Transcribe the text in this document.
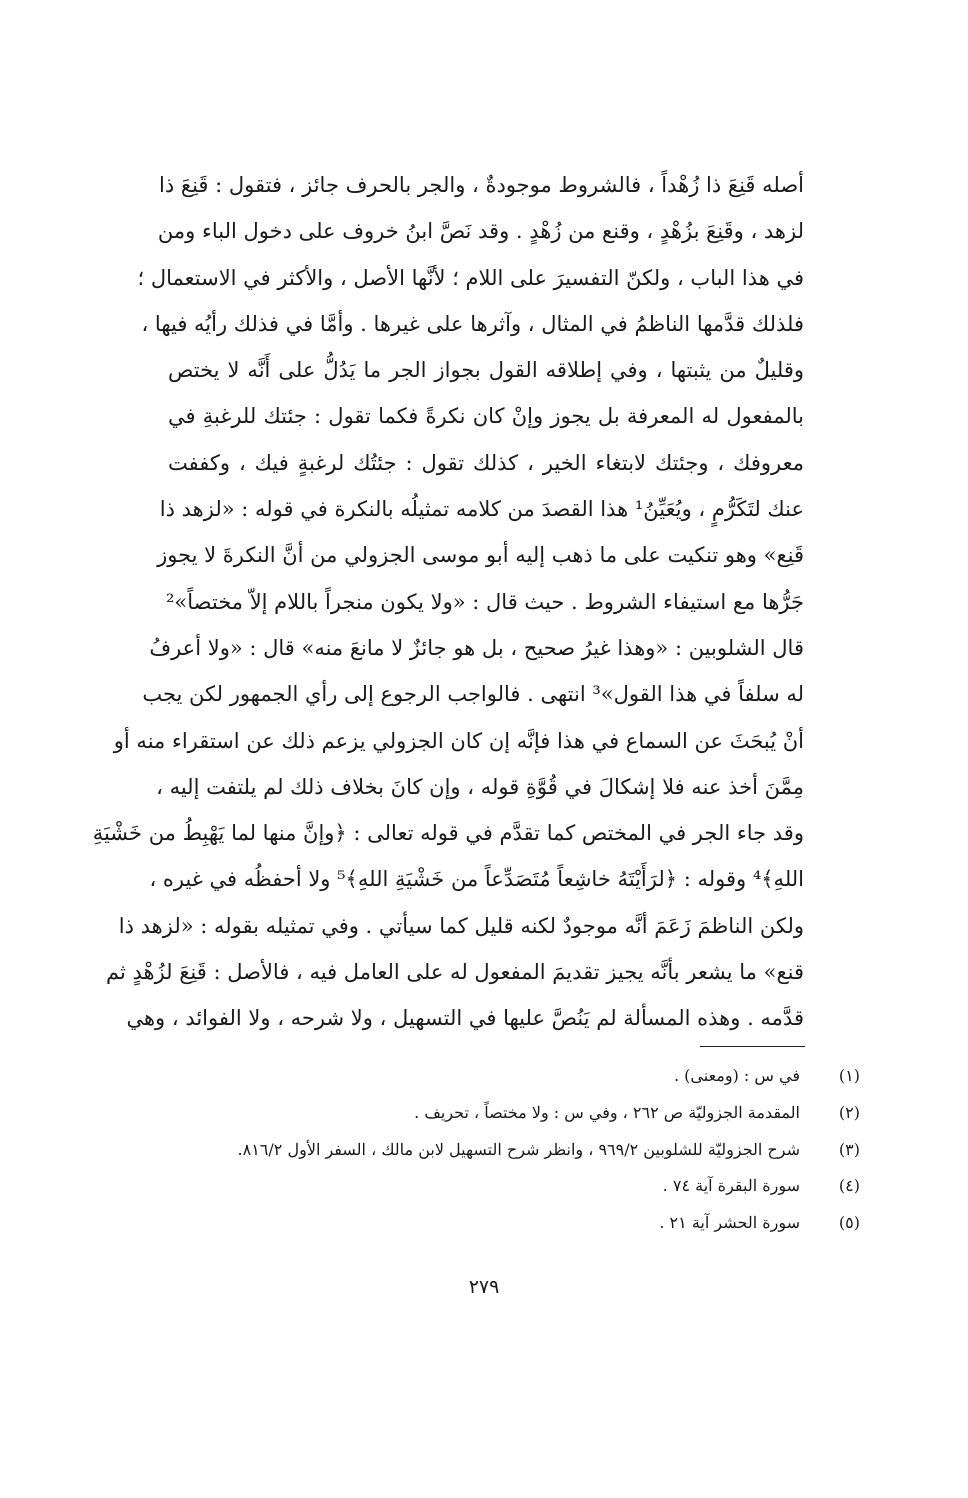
أصله قَنِعَ ذا زُهْداً ، فالشروط موجودةٌ ، والجر بالحرف جائز ، فتقول : قَنِعَ ذا
لزهد ، وقَنِعَ بزُهْدٍ ، وقنع من زُهْدٍ . وقد نَصَّ ابنُ خروف على دخول الباء ومن
في هذا الباب ، ولكنّ التفسيرَ على اللام ؛ لأنَّها الأصل ، والأكثر في الاستعمال ؛
فلذلك قدَّمها الناظمُ في المثال ، وآثرها على غيرها . وأمَّا في فذلك رأيُه فيها ،
وقليلٌ من يثبتها ، وفي إطلاقه القول بجواز الجر ما يَدُلُّ على أَنَّه لا يختص
بالمفعول له المعرفة بل يجوز وإنْ كان نكرةً فكما تقول : جئتك للرغبةِ في
معروفك ، وجئتك لابتغاء الخير ، كذلك تقول : جئتُك لرغبةٍ فيك ، وكففت
عنك لتَكَرُّمٍ ، ويُعَيِّنُ¹ هذا القصدَ من كلامه تمثيلُه بالنكرة في قوله : «لزهد ذا
قَنِع» وهو تنكيت على ما ذهب إليه أبو موسى الجزولي من أنَّ النكرةَ لا يجوز
جَرُّها مع استيفاء الشروط . حيث قال : «ولا يكون منجراً باللام إلاّ مختصاً»²
قال الشلوبين : «وهذا غيرُ صحيح ، بل هو جائزٌ لا مانعَ منه» قال : «ولا أعرفُ
له سلفاً في هذا القول»³ انتهى . فالواجب الرجوع إلى رأي الجمهور لكن يجب
أنْ يُبحَثَ عن السماع في هذا فإنَّه إن كان الجزولي يزعم ذلك عن استقراء منه أو
مِمَّنَ أخذ عنه فلا إشكالَ في قُوَّةِ قوله ، وإن كانَ بخلاف ذلك لم يلتفت إليه ،
وقد جاء الجر في المختص كما تقدَّم في قوله تعالى : ﴿وإنَّ منها لما يَهْبِطُ من خَشْيَةِ
اللهِ﴾⁴ وقوله : ﴿لرَأَيْتَهُ خاشِعاً مُتَصَدِّعاً من خَشْيَةِ اللهِ﴾⁵ ولا أحفظُه في غيره ،
ولكن الناظمَ زَعَمَ أنَّه موجودٌ لكنه قليل كما سيأتي . وفي تمثيله بقوله : «لزهد ذا
قنع» ما يشعر بأنَّه يجيز تقديمَ المفعول له على العامل فيه ، فالأصل : قَنِعَ لزُهْدٍ ثم
قدَّمه . وهذه المسألة لم يَنُصَّ عليها في التسهيل ، ولا شرحه ، ولا الفوائد ، وهي
(١)
في س : (ومعنى) .
(٢)
المقدمة الجزوليّة ص ٢٦٢ ، وفي س : ولا مختصاً ، تحريف .
(٣)
شرح الجزوليّة للشلوبين ٩٦٩/٢ ، وانظر شرح التسهيل لابن مالك ، السفر الأول ٨١٦/٢.
(٤)
سورة البقرة آية ٧٤ .
(٥)
سورة الحشر آية ٢١ .
٢٧٩
